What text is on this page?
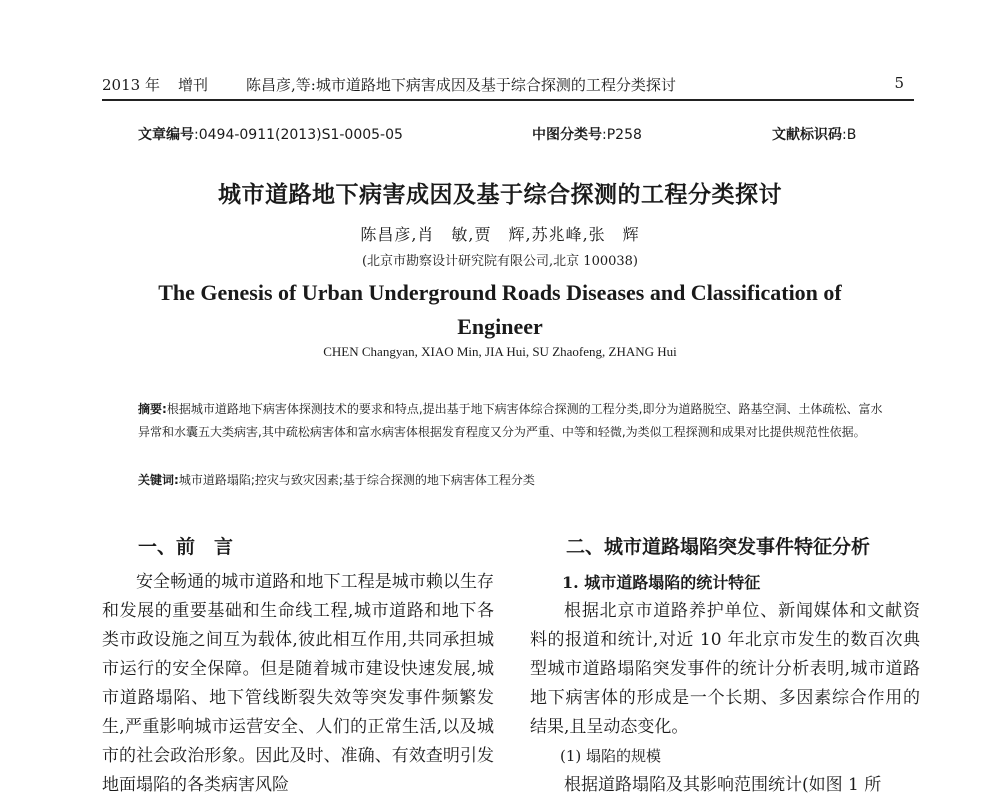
2013 年 增刊	陈昌彦,等:城市道路地下病害成因及基于综合探测的工程分类探讨	5
文章编号:0494-0911(2013)S1-0005-05	中图分类号:P258	文献标识码:B
城市道路地下病害成因及基于综合探测的工程分类探讨
陈昌彦,肖　敏,贾　辉,苏兆峰,张　辉
(北京市勘察设计研究院有限公司,北京 100038)
The Genesis of Urban Underground Roads Diseases and Classification of Engineer
CHEN Changyan, XIAO Min, JIA Hui, SU Zhaofeng, ZHANG Hui
摘要:根据城市道路地下病害体探测技术的要求和特点,提出基于地下病害体综合探测的工程分类,即分为道路脱空、路基空洞、土体疏松、富水异常和水囊五大类病害,其中疏松病害体和富水病害体根据发育程度又分为严重、中等和轻微,为类似工程探测和成果对比提供规范性依据。
关键词:城市道路塌陷;控灾与致灾因素;基于综合探测的地下病害体工程分类
一、前　言	二、城市道路塌陷突发事件特征分析

安全畅通的城市道路和地下工程是城市赖以生存和发展的重要基础和生命线工程,城市道路和地下各类市政设施之间互为载体,彼此相互作用,共同承担城市运行的安全保障。但是随着城市建设快速发展,城市道路塌陷、地下管线断裂失效等突发事件频繁发生,严重影响城市运营安全、人们的正常生活,以及城市的社会政治形象。因此及时、准确、有效查明引发地面塌陷的各类病害风险

1. 城市道路塌陷的统计特征

根据北京市道路养护单位、新闻媒体和文献资料的报道和统计,对近 10 年北京市发生的数百次典型城市道路塌陷突发事件的统计分析表明,城市道路地下病害体的形成是一个长期、多因素综合作用的结果,且呈动态变化。

(1) 塌陷的规模

根据道路塌陷及其影响范围统计(如图 1 所
